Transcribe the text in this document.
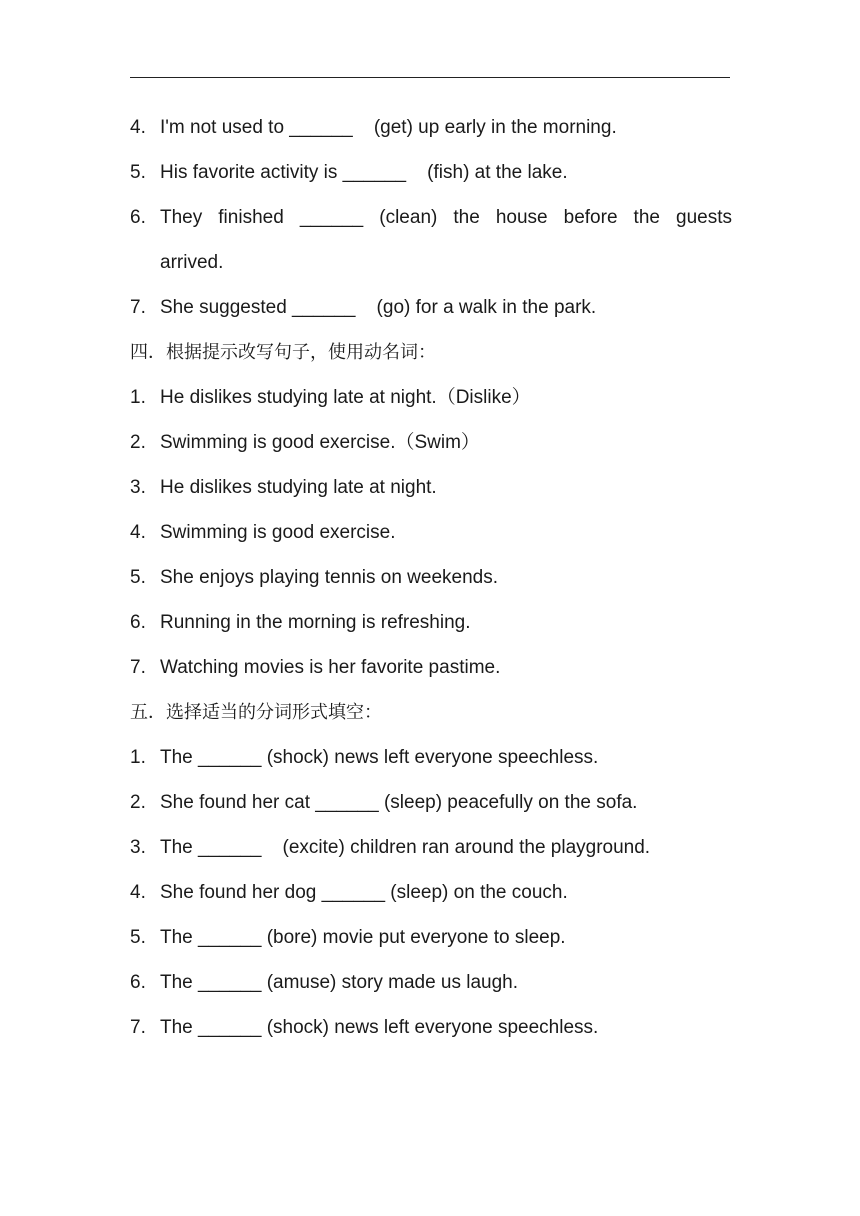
4. I'm not used to ______    (get) up early in the morning.
5. His favorite activity is ______    (fish) at the lake.
6. They finished ______ (clean) the house before the guests
arrived.
7. She suggested ______    (go) for a walk in the park.
四．根据提示改写句子，使用动名词：
1. He dislikes studying late at night.（Dislike）
2. Swimming is good exercise.（Swim）
3. He dislikes studying late at night.
4. Swimming is good exercise.
5. She enjoys playing tennis on weekends.
6. Running in the morning is refreshing.
7. Watching movies is her favorite pastime.
五．选择适当的分词形式填空：
1. The ______ (shock) news left everyone speechless.
2. She found her cat ______ (sleep) peacefully on the sofa.
3. The ______    (excite) children ran around the playground.
4. She found her dog ______ (sleep) on the couch.
5. The ______ (bore) movie put everyone to sleep.
6. The ______ (amuse) story made us laugh.
7. The ______ (shock) news left everyone speechless.
